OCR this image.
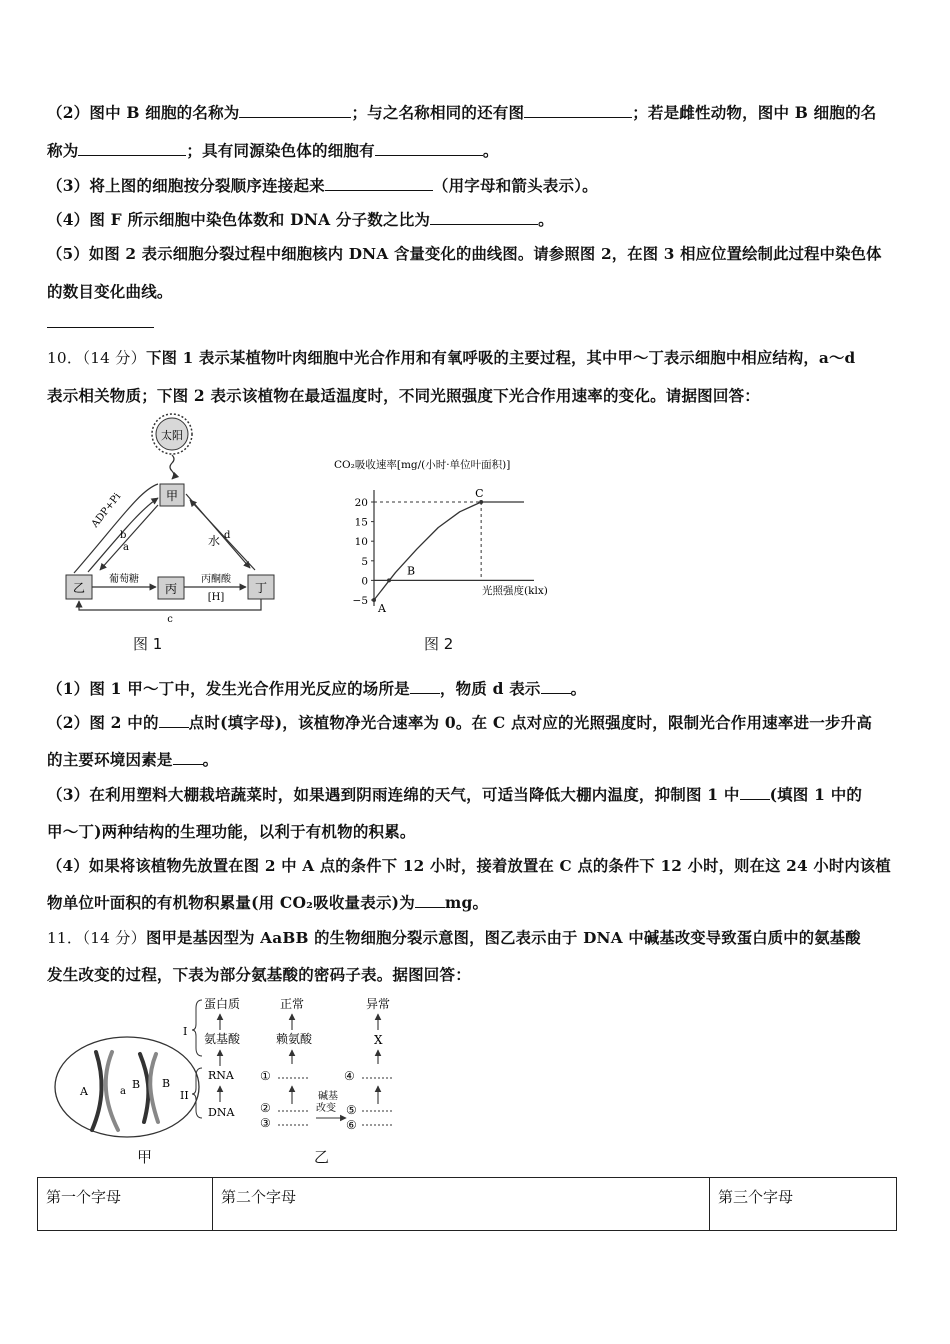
（2）图中 B 细胞的名称为	；与之名称相同的还有图	；若是雌性动物，图中 B 细胞的名
称为	；具有同源染色体的细胞有	。
（3）将上图的细胞按分裂顺序连接起来	（用字母和箭头表示）。
（4）图 F 所示细胞中染色体数和 DNA 分子数之比为	。
（5）如图 2 表示细胞分裂过程中细胞核内 DNA 含量变化的曲线图。请参照图 2，在图 3 相应位置绘制此过程中染色体
的数目变化曲线。
10．（14 分）下图 1 表示某植物叶肉细胞中光合作用和有氧呼吸的主要过程，其中甲～丁表示细胞中相应结构，a～d
表示相关物质；下图 2 表示该植物在最适温度时，不同光照强度下光合作用速率的变化。请据图回答：
太阳
甲
乙	丙	丁
ADP+Pi
b
a	水 d
葡萄糖	丙酮酸
[H]
c
图 1
CO₂吸收速率[mg/(小时·单位叶面积)]
光照强度(klx)
20
15
10
5
0
−5
A
B
C
图 2
（1）图 1 甲～丁中，发生光合作用光反应的场所是 ，物质 d 表示 。
（2）图 2 中的 点时(填字母)，该植物净光合速率为 0。在 C 点对应的光照强度时，限制光合作用速率进一步升高
的主要环境因素是 。
（3）在利用塑料大棚栽培蔬菜时，如果遇到阴雨连绵的天气，可适当降低大棚内温度，抑制图 1 中 (填图 1 中的
甲～丁)两种结构的生理功能，以利于有机物的积累。
（4）如果将该植物先放置在图 2 中 A 点的条件下 12 小时，接着放置在 C 点的条件下 12 小时，则在这 24 小时内该植
物单位叶面积的有机物积累量(用 CO₂吸收量表示)为 mg。
11．（14 分）图甲是基因型为 AaBB 的生物细胞分裂示意图，图乙表示由于 DNA 中碱基改变导致蛋白质中的氨基酸
发生改变的过程，下表为部分氨基酸的密码子表。据图回答：
A	a
B B
甲
蛋白质
氨基酸
RNA
DNA
I
II
正常
赖氨酸
①
②
③
碱基
改变
异常
X
④
⑤
⑥
乙
第一个字母	第二个字母	第三个字母
